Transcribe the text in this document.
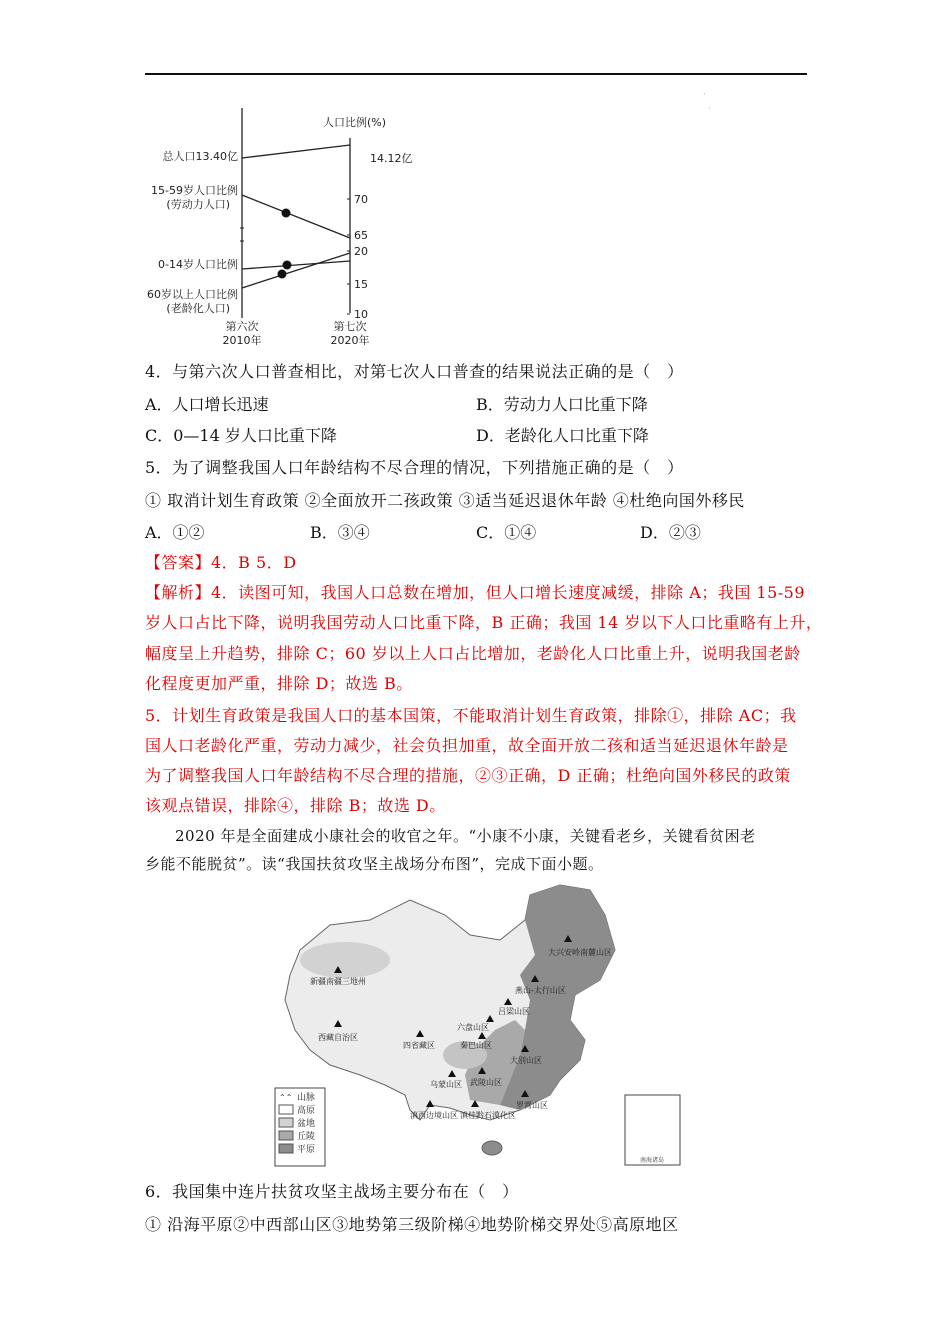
·
·
人口比例(%)
14.12亿
70
65
20
15
10
总人口13.40亿
15-59岁人口比例
(劳动力人口)
0-14岁人口比例
60岁以上人口比例
(老龄化人口)
第六次
2010年
第七次
2020年
4．与第六次人口普查相比，对第七次人口普查的结果说法正确的是（　）
A．人口增长迅速	B．劳动力人口比重下降
C．0—14 岁人口比重下降	D．老龄化人口比重下降
5．为了调整我国人口年龄结构不尽合理的情况，下列措施正确的是（　）
① 取消计划生育政策 ②全面放开二孩政策 ③适当延迟退休年龄 ④杜绝向国外移民
A．①②	B．③④	C．①④	D．②③
【答案】4．B 5．D
【解析】4．读图可知，我国人口总数在增加，但人口增长速度减缓，排除 A；我国 15-59
岁人口占比下降，说明我国劳动人口比重下降，B 正确；我国 14 岁以下人口比重略有上升，
幅度呈上升趋势，排除 C；60 岁以上人口占比增加，老龄化人口比重上升，说明我国老龄
化程度更加严重，排除 D；故选 B。
5．计划生育政策是我国人口的基本国策，不能取消计划生育政策，排除①，排除 AC；我
国人口老龄化严重，劳动力减少，社会负担加重，故全面开放二孩和适当延迟退休年龄是
为了调整我国人口年龄结构不尽合理的措施，②③正确，D 正确；杜绝向国外移民的政策
该观点错误，排除④，排除 B；故选 D。
2020 年是全面建成小康社会的收官之年。“小康不小康，关键看老乡，关键看贫困老
乡能不能脱贫”。读“我国扶贫攻坚主战场分布图”，完成下面小题。
南海诸岛
大兴安岭南麓山区
新疆南疆三地州
燕山-太行山区
吕梁山区
六盘山区
西藏自治区
四省藏区	秦巴山区
大别山区
乌蒙山区 武陵山区
罗霄山区
滇西边境山区 滇桂黔石漠化区
⌃⌃ 山脉
高原
盆地
丘陵
平原
6．我国集中连片扶贫攻坚主战场主要分布在（　）
① 沿海平原②中西部山区③地势第三级阶梯④地势阶梯交界处⑤高原地区
